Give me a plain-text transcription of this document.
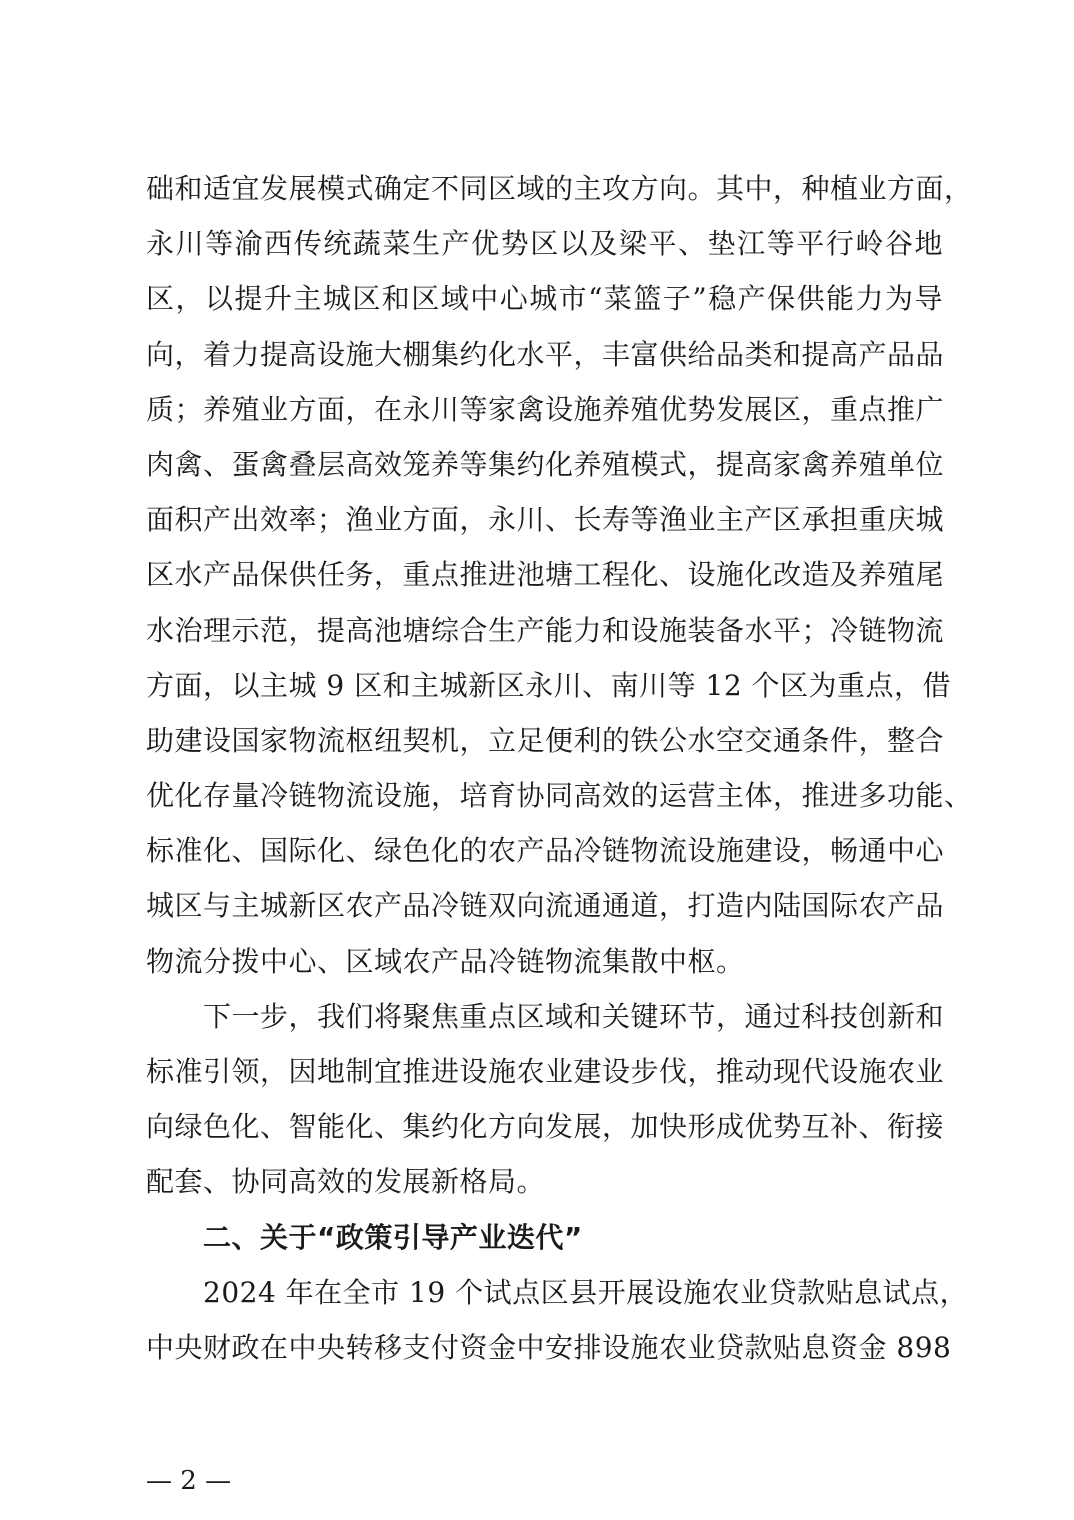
础和适宜发展模式确定不同区域的主攻方向。其中，种植业方面，
永川等渝西传统蔬菜生产优势区以及梁平、垫江等平行岭谷地
区，以提升主城区和区域中心城市“菜篮子”稳产保供能力为导
向，着力提高设施大棚集约化水平，丰富供给品类和提高产品品
质；养殖业方面，在永川等家禽设施养殖优势发展区，重点推广
肉禽、蛋禽叠层高效笼养等集约化养殖模式，提高家禽养殖单位
面积产出效率；渔业方面，永川、长寿等渔业主产区承担重庆城
区水产品保供任务，重点推进池塘工程化、设施化改造及养殖尾
水治理示范，提高池塘综合生产能力和设施装备水平；冷链物流
方面，以主城 9 区和主城新区永川、南川等 12 个区为重点，借
助建设国家物流枢纽契机，立足便利的铁公水空交通条件，整合
优化存量冷链物流设施，培育协同高效的运营主体，推进多功能、
标准化、国际化、绿色化的农产品冷链物流设施建设，畅通中心
城区与主城新区农产品冷链双向流通通道，打造内陆国际农产品
物流分拨中心、区域农产品冷链物流集散中枢。
　　下一步，我们将聚焦重点区域和关键环节，通过科技创新和
标准引领，因地制宜推进设施农业建设步伐，推动现代设施农业
向绿色化、智能化、集约化方向发展，加快形成优势互补、衔接
配套、协同高效的发展新格局。
　　二、关于“政策引导产业迭代”
　　2024 年在全市 19 个试点区县开展设施农业贷款贴息试点，
中央财政在中央转移支付资金中安排设施农业贷款贴息资金 898
— 2 —
